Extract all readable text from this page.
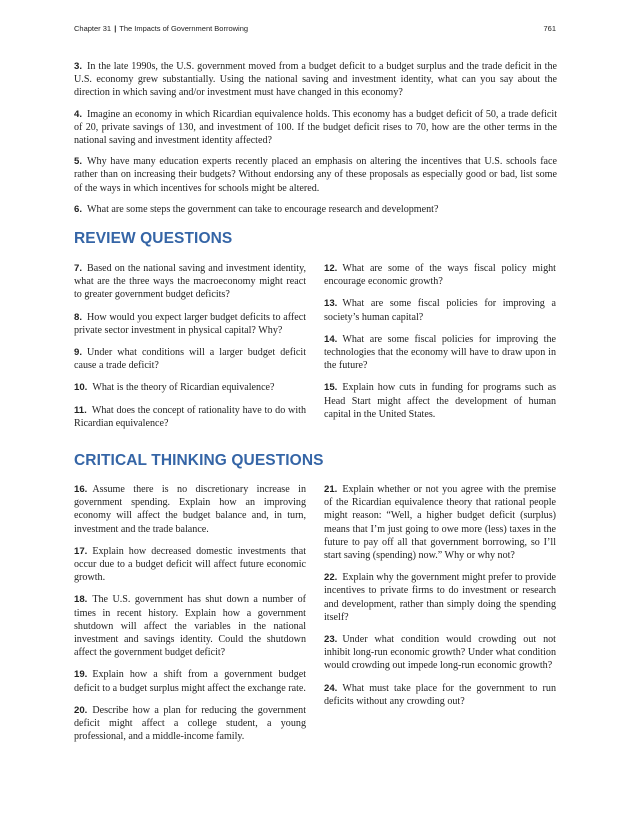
Chapter 31 | The Impacts of Government Borrowing	761

3. In the late 1990s, the U.S. government moved from a budget deficit to a budget surplus and the trade deficit in the U.S. economy grew substantially. Using the national saving and investment identity, what can you say about the direction in which saving and/or investment must have changed in this economy?

4. Imagine an economy in which Ricardian equivalence holds. This economy has a budget deficit of 50, a trade deficit of 20, private savings of 130, and investment of 100. If the budget deficit rises to 70, how are the other terms in the national saving and investment identity affected?

5. Why have many education experts recently placed an emphasis on altering the incentives that U.S. schools face rather than on increasing their budgets? Without endorsing any of these proposals as especially good or bad, list some of the ways in which incentives for schools might be altered.

6. What are some steps the government can take to encourage research and development?

REVIEW QUESTIONS

7. Based on the national saving and investment identity, what are the three ways the macroeconomy might react to greater government budget deficits?

8. How would you expect larger budget deficits to affect private sector investment in physical capital? Why?

9. Under what conditions will a larger budget deficit cause a trade deficit?

10. What is the theory of Ricardian equivalence?

11. What does the concept of rationality have to do with Ricardian equivalence?

12. What are some of the ways fiscal policy might encourage economic growth?

13. What are some fiscal policies for improving a society’s human capital?

14. What are some fiscal policies for improving the technologies that the economy will have to draw upon in the future?

15. Explain how cuts in funding for programs such as Head Start might affect the development of human capital in the United States.

CRITICAL THINKING QUESTIONS

16. Assume there is no discretionary increase in government spending. Explain how an improving economy will affect the budget balance and, in turn, investment and the trade balance.

17. Explain how decreased domestic investments that occur due to a budget deficit will affect future economic growth.

18. The U.S. government has shut down a number of times in recent history. Explain how a government shutdown will affect the variables in the national investment and savings identity. Could the shutdown affect the government budget deficit?

19. Explain how a shift from a government budget deficit to a budget surplus might affect the exchange rate.

20. Describe how a plan for reducing the government deficit might affect a college student, a young professional, and a middle-income family.

21. Explain whether or not you agree with the premise of the Ricardian equivalence theory that rational people might reason: “Well, a higher budget deficit (surplus) means that I’m just going to owe more (less) taxes in the future to pay off all that government borrowing, so I’ll start saving (spending) now.” Why or why not?

22. Explain why the government might prefer to provide incentives to private firms to do investment or research and development, rather than simply doing the spending itself?

23. Under what condition would crowding out not inhibit long-run economic growth? Under what condition would crowding out impede long-run economic growth?

24. What must take place for the government to run deficits without any crowding out?
